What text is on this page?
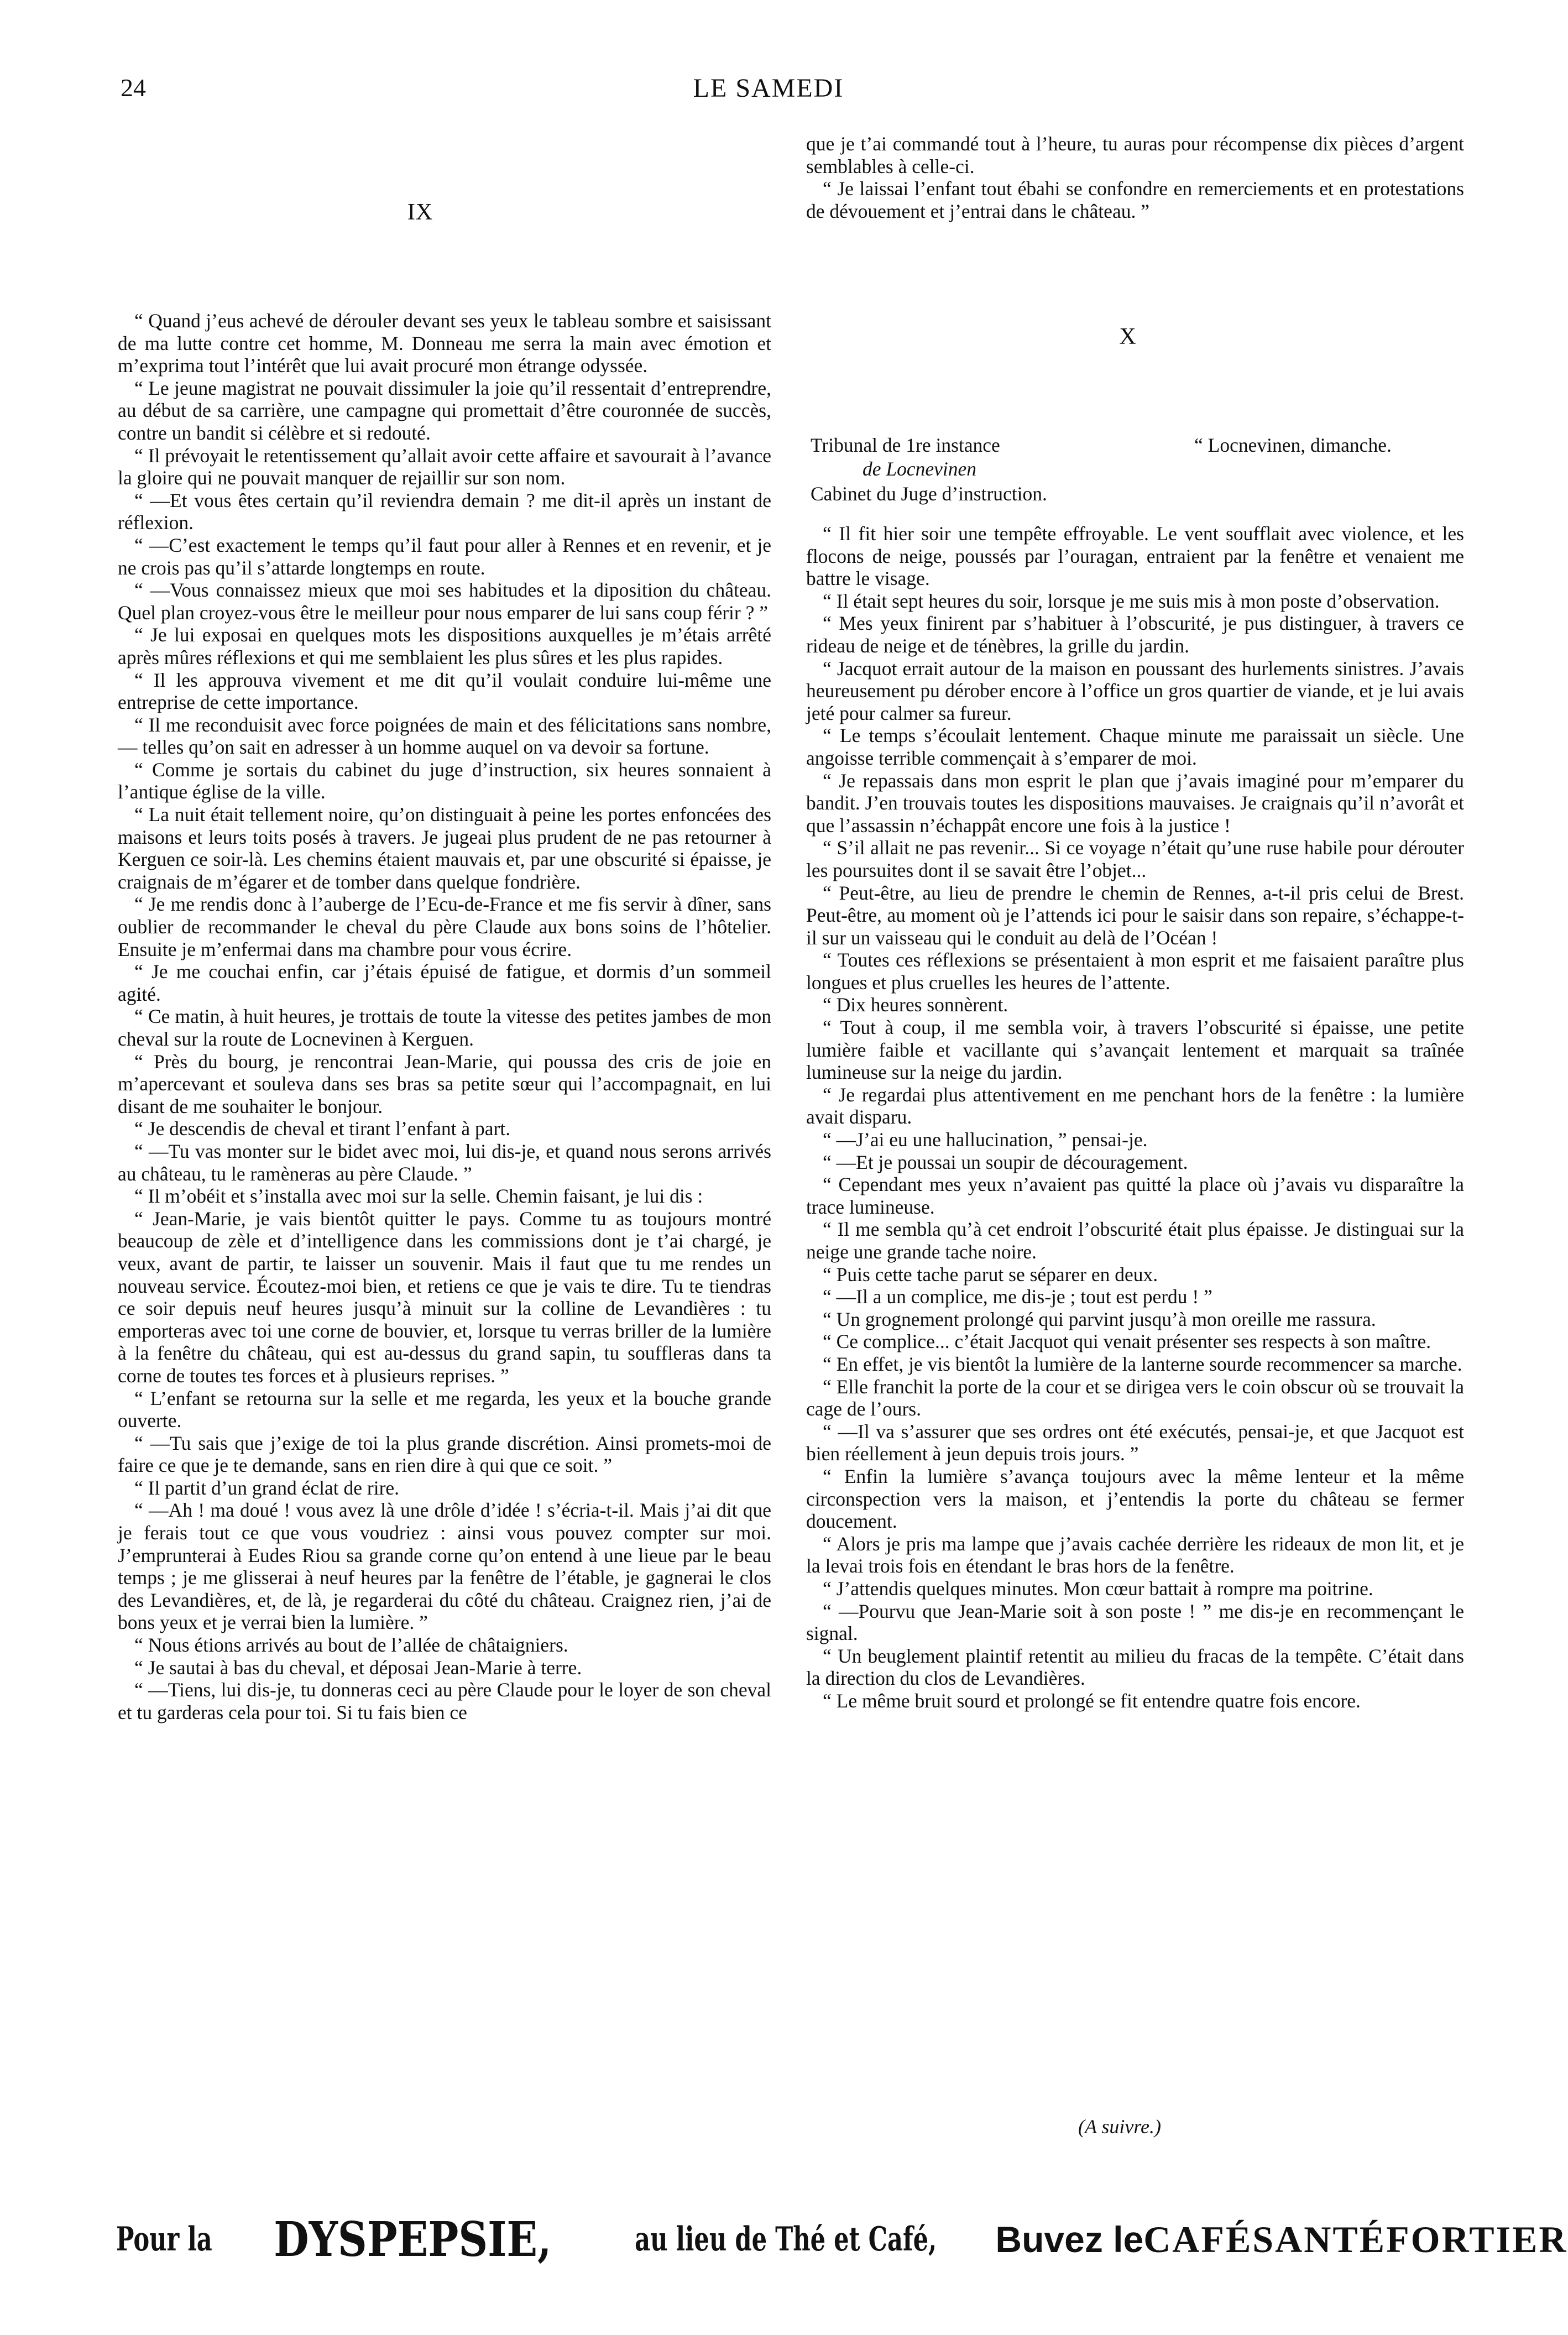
24	LE SAMEDI
IX

“ Quand j’eus achevé de dérouler devant ses yeux le tableau sombre et saisissant de ma lutte contre cet homme, M. Donneau me serra la main avec émotion et m’exprima tout l’intérêt que lui avait procuré mon étrange odyssée.

“ Le jeune magistrat ne pouvait dissimuler la joie qu’il ressentait d’entreprendre, au début de sa carrière, une campagne qui promettait d’être couronnée de succès, contre un bandit si célèbre et si redouté.

“ Il prévoyait le retentissement qu’allait avoir cette affaire et savourait à l’avance la gloire qui ne pouvait manquer de rejaillir sur son nom.

“ —Et vous êtes certain qu’il reviendra demain ? me dit-il après un instant de réflexion.

“ —C’est exactement le temps qu’il faut pour aller à Rennes et en revenir, et je ne crois pas qu’il s’attarde longtemps en route.

“ —Vous connaissez mieux que moi ses habitudes et la diposition du château. Quel plan croyez-vous être le meilleur pour nous emparer de lui sans coup férir ? ”

“ Je lui exposai en quelques mots les dispositions auxquelles je m’étais arrêté après mûres réflexions et qui me semblaient les plus sûres et les plus rapides.

“ Il les approuva vivement et me dit qu’il voulait conduire lui-même une entreprise de cette importance.

“ Il me reconduisit avec force poignées de main et des félicitations sans nombre, — telles qu’on sait en adresser à un homme auquel on va devoir sa fortune.

“ Comme je sortais du cabinet du juge d’instruction, six heures sonnaient à l’antique église de la ville.

“ La nuit était tellement noire, qu’on distinguait à peine les portes enfoncées des maisons et leurs toits posés à travers. Je jugeai plus prudent de ne pas retourner à Kerguen ce soir-là. Les chemins étaient mauvais et, par une obscurité si épaisse, je craignais de m’égarer et de tomber dans quelque fondrière.

“ Je me rendis donc à l’auberge de l’Ecu-de-France et me fis servir à dîner, sans oublier de recommander le cheval du père Claude aux bons soins de l’hôtelier. Ensuite je m’enfermai dans ma chambre pour vous écrire.

“ Je me couchai enfin, car j’étais épuisé de fatigue, et dormis d’un sommeil agité.

“ Ce matin, à huit heures, je trottais de toute la vitesse des petites jambes de mon cheval sur la route de Locnevinen à Kerguen.

“ Près du bourg, je rencontrai Jean-Marie, qui poussa des cris de joie en m’apercevant et souleva dans ses bras sa petite sœur qui l’accompagnait, en lui disant de me souhaiter le bonjour.

“ Je descendis de cheval et tirant l’enfant à part.

“ —Tu vas monter sur le bidet avec moi, lui dis-je, et quand nous serons arrivés au château, tu le ramèneras au père Claude. ”

“ Il m’obéit et s’installa avec moi sur la selle. Chemin faisant, je lui dis :

“ Jean-Marie, je vais bientôt quitter le pays. Comme tu as toujours montré beaucoup de zèle et d’intelligence dans les commissions dont je t’ai chargé, je veux, avant de partir, te laisser un souvenir. Mais il faut que tu me rendes un nouveau service. Écoutez-moi bien, et retiens ce que je vais te dire. Tu te tiendras ce soir depuis neuf heures jusqu’à minuit sur la colline de Levandières : tu emporteras avec toi une corne de bouvier, et, lorsque tu verras briller de la lumière à la fenêtre du château, qui est au-dessus du grand sapin, tu souffleras dans ta corne de toutes tes forces et à plusieurs reprises. ”

“ L’enfant se retourna sur la selle et me regarda, les yeux et la bouche grande ouverte.

“ —Tu sais que j’exige de toi la plus grande discrétion. Ainsi promets-moi de faire ce que je te demande, sans en rien dire à qui que ce soit. ”

“ Il partit d’un grand éclat de rire.

“ —Ah ! ma doué ! vous avez là une drôle d’idée ! s’écria-t-il. Mais j’ai dit que je ferais tout ce que vous voudriez : ainsi vous pouvez compter sur moi. J’emprunterai à Eudes Riou sa grande corne qu’on entend à une lieue par le beau temps ; je me glisserai à neuf heures par la fenêtre de l’étable, je gagnerai le clos des Levandières, et, de là, je regarderai du côté du château. Craignez rien, j’ai de bons yeux et je verrai bien la lumière. ”

“ Nous étions arrivés au bout de l’allée de châtaigniers.

“ Je sautai à bas du cheval, et déposai Jean-Marie à terre.

“ —Tiens, lui dis-je, tu donneras ceci au père Claude pour le loyer de son cheval et tu garderas cela pour toi. Si tu fais bien ce

que je t’ai commandé tout à l’heure, tu auras pour récompense dix pièces d’argent semblables à celle-ci.

“ Je laissai l’enfant tout ébahi se confondre en remerciements et en protestations de dévouement et j’entrai dans le château. ”

X
Tribunal de 1re instance	“ Locnevinen, dimanche.
de Locnevinen
Cabinet du Juge d’instruction.

“ Il fit hier soir une tempête effroyable. Le vent soufflait avec violence, et les flocons de neige, poussés par l’ouragan, entraient par la fenêtre et venaient me battre le visage.

“ Il était sept heures du soir, lorsque je me suis mis à mon poste d’observation.

“ Mes yeux finirent par s’habituer à l’obscurité, je pus distinguer, à travers ce rideau de neige et de ténèbres, la grille du jardin.

“ Jacquot errait autour de la maison en poussant des hurlements sinistres. J’avais heureusement pu dérober encore à l’office un gros quartier de viande, et je lui avais jeté pour calmer sa fureur.

“ Le temps s’écoulait lentement. Chaque minute me paraissait un siècle. Une angoisse terrible commençait à s’emparer de moi.

“ Je repassais dans mon esprit le plan que j’avais imaginé pour m’emparer du bandit. J’en trouvais toutes les dispositions mauvaises. Je craignais qu’il n’avorât et que l’assassin n’échappât encore une fois à la justice !

“ S’il allait ne pas revenir... Si ce voyage n’était qu’une ruse habile pour dérouter les poursuites dont il se savait être l’objet...

“ Peut-être, au lieu de prendre le chemin de Rennes, a-t-il pris celui de Brest. Peut-être, au moment où je l’attends ici pour le saisir dans son repaire, s’échappe-t-il sur un vaisseau qui le conduit au delà de l’Océan !

“ Toutes ces réflexions se présentaient à mon esprit et me faisaient paraître plus longues et plus cruelles les heures de l’attente.

“ Dix heures sonnèrent.

“ Tout à coup, il me sembla voir, à travers l’obscurité si épaisse, une petite lumière faible et vacillante qui s’avançait lentement et marquait sa traînée lumineuse sur la neige du jardin.

“ Je regardai plus attentivement en me penchant hors de la fenêtre : la lumière avait disparu.

“ —J’ai eu une hallucination, ” pensai-je.

“ —Et je poussai un soupir de découragement.

“ Cependant mes yeux n’avaient pas quitté la place où j’avais vu disparaître la trace lumineuse.

“ Il me sembla qu’à cet endroit l’obscurité était plus épaisse. Je distinguai sur la neige une grande tache noire.

“ Puis cette tache parut se séparer en deux.

“ —Il a un complice, me dis-je ; tout est perdu ! ”

“ Un grognement prolongé qui parvint jusqu’à mon oreille me rassura.

“ Ce complice... c’était Jacquot qui venait présenter ses respects à son maître.

“ En effet, je vis bientôt la lumière de la lanterne sourde recommencer sa marche.

“ Elle franchit la porte de la cour et se dirigea vers le coin obscur où se trouvait la cage de l’ours.

“ —Il va s’assurer que ses ordres ont été exécutés, pensai-je, et que Jacquot est bien réellement à jeun depuis trois jours. ”

“ Enfin la lumière s’avança toujours avec la même lenteur et la même circonspection vers la maison, et j’entendis la porte du château se fermer doucement.

“ Alors je pris ma lampe que j’avais cachée derrière les rideaux de mon lit, et je la levai trois fois en étendant le bras hors de la fenêtre.

“ J’attendis quelques minutes. Mon cœur battait à rompre ma poitrine.

“ —Pourvu que Jean-Marie soit à son poste ! ” me dis-je en recommençant le signal.

“ Un beuglement plaintif retentit au milieu du fracas de la tempête. C’était dans la direction du clos de Levandières.

“ Le même bruit sourd et prolongé se fit entendre quatre fois encore.

(A suivre.)
Pour la DYSPEPSIE,	au lieu de Thé et Café, Buvez le CAFÉSANTÉ FORTIER
